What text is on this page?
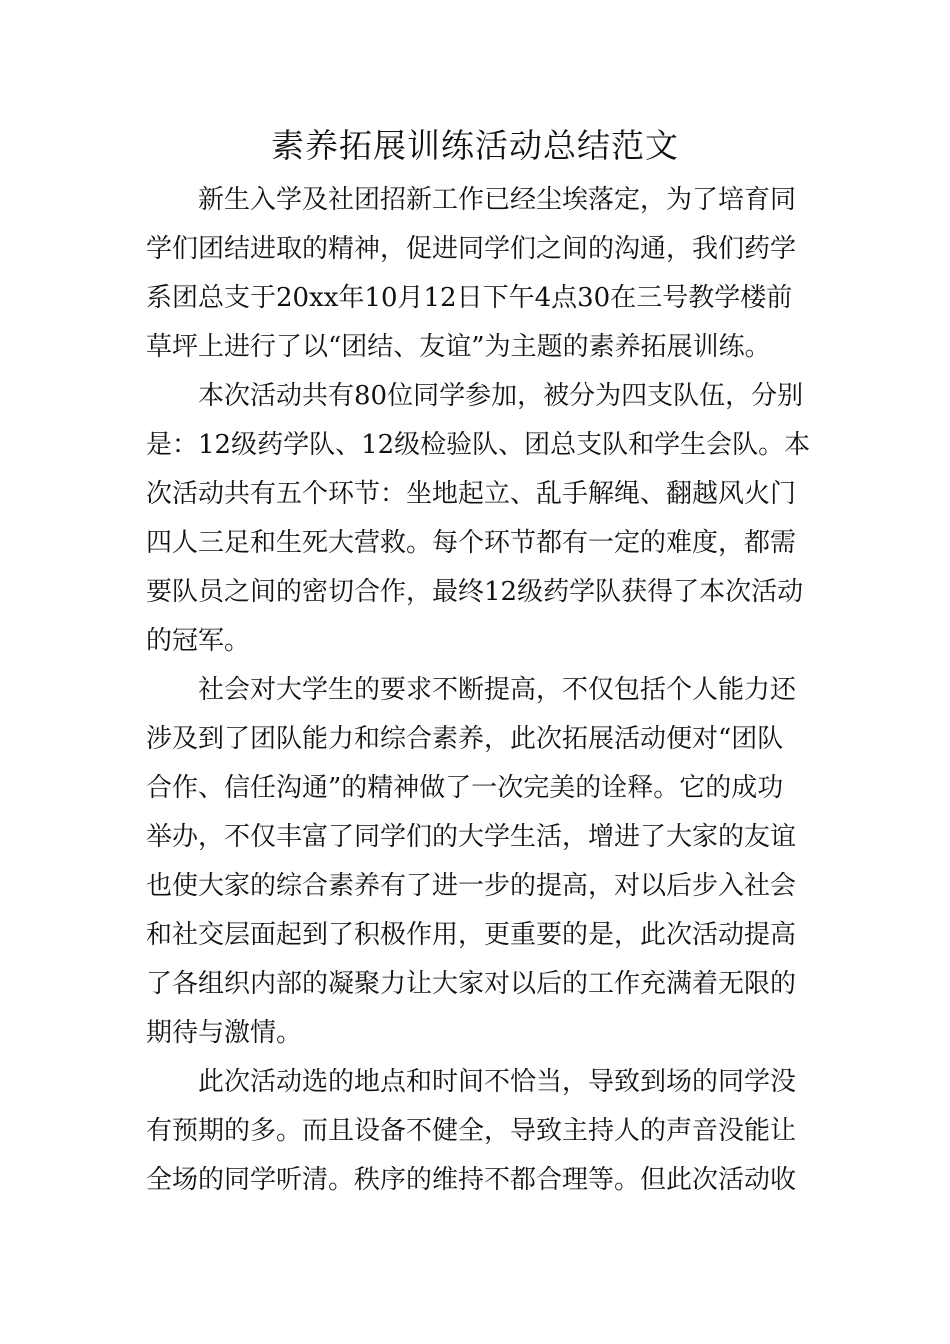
素养拓展训练活动总结范文

新生入学及社团招新工作已经尘埃落定，为了培育同
学们团结进取的精神，促进同学们之间的沟通，我们药学
系团总支于20xx年10月12日下午4点30在三号教学楼前
草坪上进行了以“团结、友谊”为主题的素养拓展训练。

本次活动共有80位同学参加，被分为四支队伍，分别
是：12级药学队、12级检验队、团总支队和学生会队。本
次活动共有五个环节：坐地起立、乱手解绳、翻越风火门
四人三足和生死大营救。每个环节都有一定的难度，都需
要队员之间的密切合作，最终12级药学队获得了本次活动
的冠军。

社会对大学生的要求不断提高，不仅包括个人能力还
涉及到了团队能力和综合素养，此次拓展活动便对“团队
合作、信任沟通”的精神做了一次完美的诠释。它的成功
举办，不仅丰富了同学们的大学生活，增进了大家的友谊
也使大家的综合素养有了进一步的提高，对以后步入社会
和社交层面起到了积极作用，更重要的是，此次活动提高
了各组织内部的凝聚力让大家对以后的工作充满着无限的
期待与激情。

此次活动选的地点和时间不恰当，导致到场的同学没
有预期的多。而且设备不健全，导致主持人的声音没能让
全场的同学听清。秩序的维持不都合理等。但此次活动收
